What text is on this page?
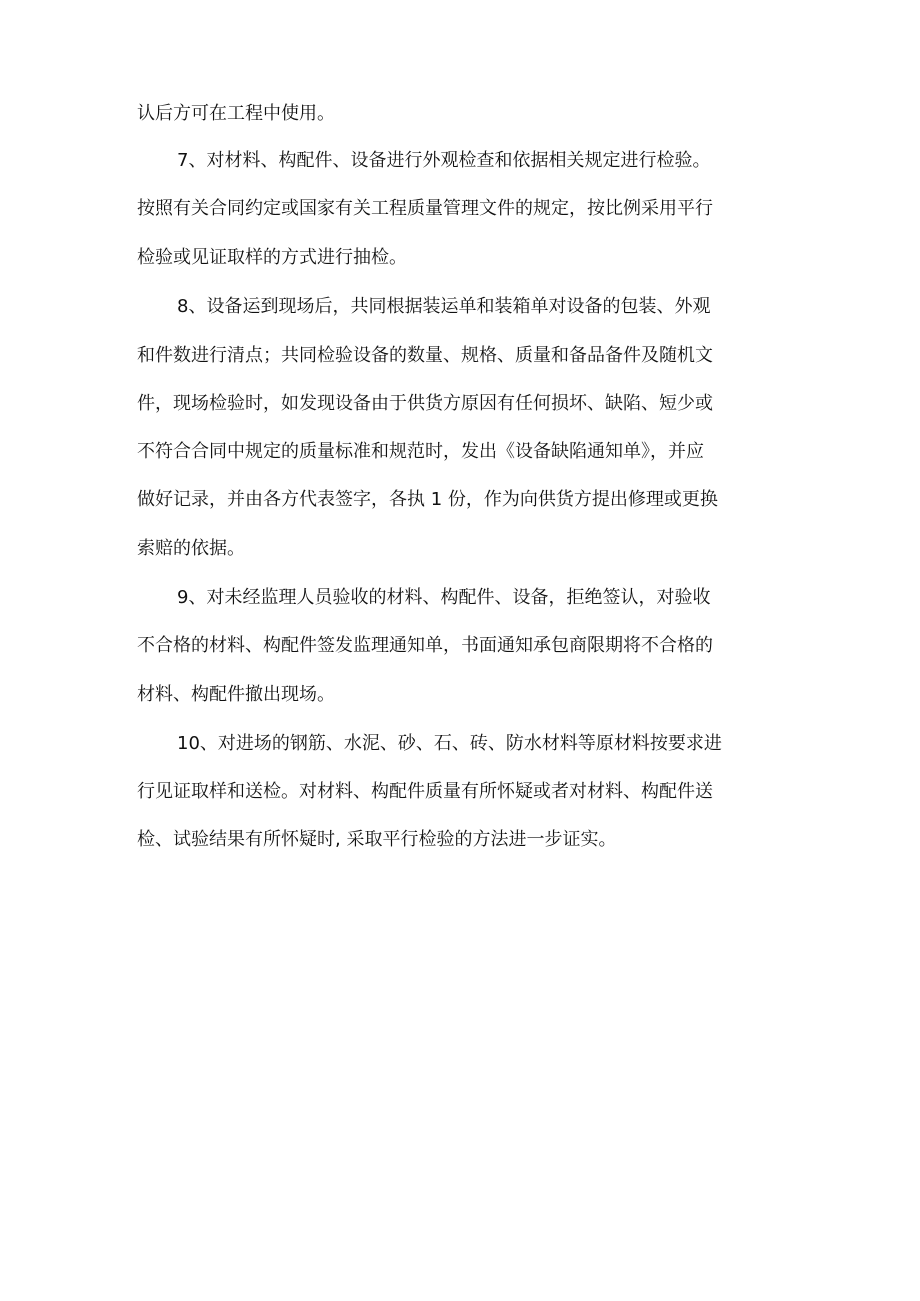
认后方可在工程中使用。
7、对材料、构配件、设备进行外观检查和依据相关规定进行检验。
按照有关合同约定或国家有关工程质量管理文件的规定，按比例采用平行
检验或见证取样的方式进行抽检。
8、设备运到现场后，共同根据装运单和装箱单对设备的包装、外观
和件数进行清点；共同检验设备的数量、规格、质量和备品备件及随机文
件，现场检验时，如发现设备由于供货方原因有任何损坏、缺陷、短少或
不符合合同中规定的质量标准和规范时，发出《设备缺陷通知单》，并应
做好记录，并由各方代表签字，各执 1 份，作为向供货方提出修理或更换
索赔的依据。
9、对未经监理人员验收的材料、构配件、设备，拒绝签认，对验收
不合格的材料、构配件签发监理通知单，书面通知承包商限期将不合格的
材料、构配件撤出现场。
10、对进场的钢筋、水泥、砂、石、砖、防水材料等原材料按要求进
行见证取样和送检。对材料、构配件质量有所怀疑或者对材料、构配件送
检、试验结果有所怀疑时, 采取平行检验的方法进一步证实。
